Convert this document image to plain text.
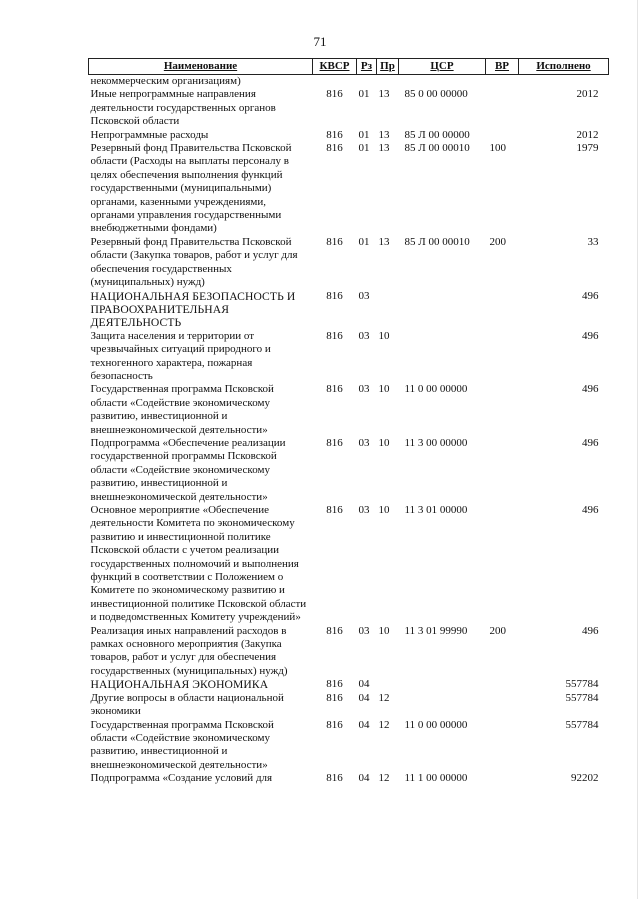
71
Наименование	КВСР	Рз	Пр	ЦСР	ВР	Исполнено
некоммерческим организациям)						
Иные непрограммные направления деятельности государственных органов Псковской области	816	01	13	85 0 00 00000		2012
Непрограммные расходы	816	01	13	85 Л 00 00000		2012
Резервный фонд Правительства Псковской области (Расходы на выплаты персоналу в целях обеспечения выполнения функций государственными (муниципальными) органами, казенными учреждениями, органами управления государственными внебюджетными фондами)	816	01	13	85 Л 00 00010	100	1979
Резервный фонд Правительства Псковской области (Закупка товаров, работ и услуг для обеспечения государственных (муниципальных) нужд)	816	01	13	85 Л 00 00010	200	33
НАЦИОНАЛЬНАЯ БЕЗОПАСНОСТЬ И ПРАВООХРАНИТЕЛЬНАЯ ДЕЯТЕЛЬНОСТЬ	816	03				496
Защита населения и территории от чрезвычайных ситуаций природного и техногенного характера, пожарная безопасность	816	03	10			496
Государственная программа Псковской области «Содействие экономическому развитию, инвестиционной и внешнеэкономической деятельности»	816	03	10	11 0 00 00000		496
Подпрограмма «Обеспечение реализации государственной программы Псковской области «Содействие экономическому развитию, инвестиционной и внешнеэкономической деятельности»	816	03	10	11 3 00 00000		496
Основное мероприятие «Обеспечение деятельности Комитета по экономическому развитию и инвестиционной политике Псковской области с учетом реализации государственных полномочий и выполнения функций в соответствии с Положением о Комитете по экономическому развитию и инвестиционной политике Псковской области и подведомственных Комитету учреждений»	816	03	10	11 3 01 00000		496
Реализация иных направлений расходов в рамках основного мероприятия (Закупка товаров, работ и услуг для обеспечения государственных (муниципальных) нужд)	816	03	10	11 3 01 99990	200	496
НАЦИОНАЛЬНАЯ ЭКОНОМИКА	816	04				557784
Другие вопросы в области национальной экономики	816	04	12			557784
Государственная программа Псковской области «Содействие экономическому развитию, инвестиционной и внешнеэкономической деятельности»	816	04	12	11 0 00 00000		557784
Подпрограмма «Создание условий для	816	04	12	11 1 00 00000		92202
